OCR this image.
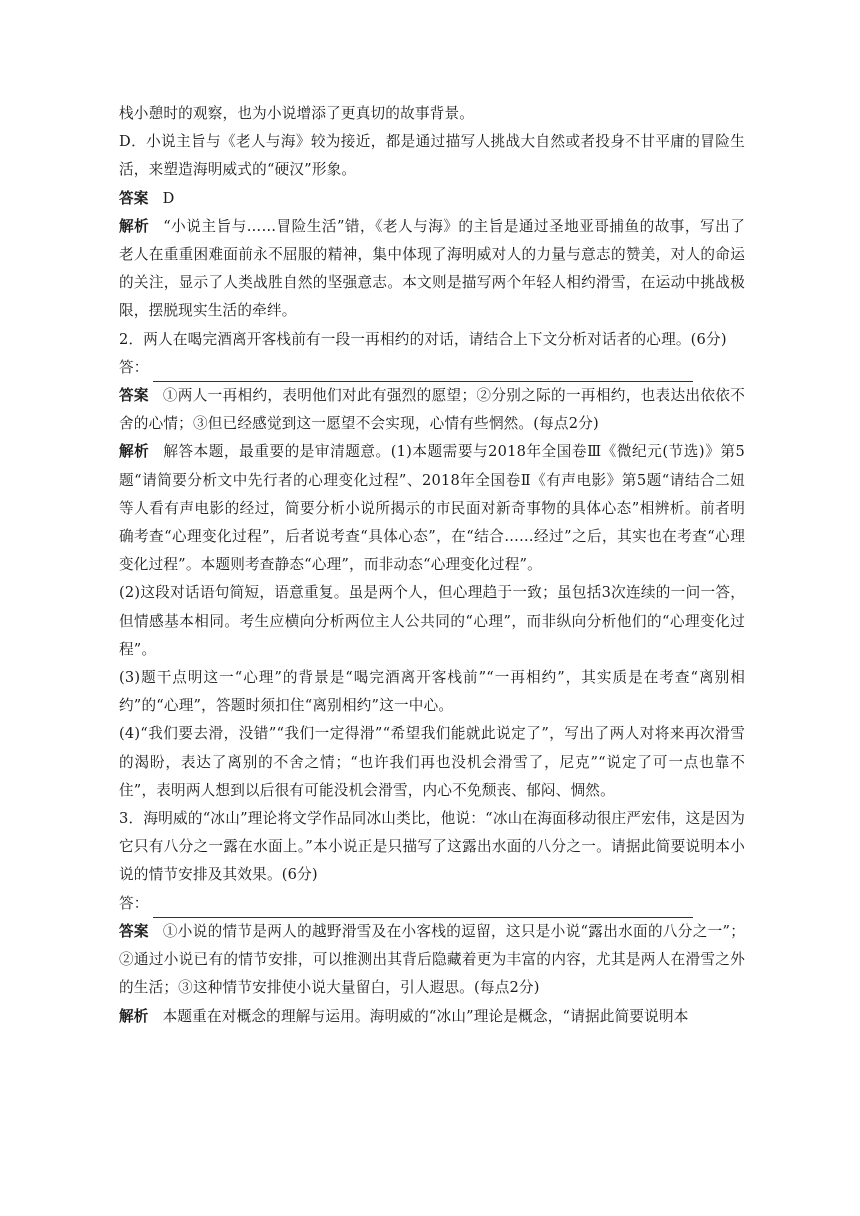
栈小憩时的观察，也为小说增添了更真切的故事背景。

D．小说主旨与《老人与海》较为接近，都是通过描写人挑战大自然或者投身不甘平庸的冒险生活，来塑造海明威式的“硬汉”形象。

答案 D

解析 “小说主旨与……冒险生活”错，《老人与海》的主旨是通过圣地亚哥捕鱼的故事，写出了老人在重重困难面前永不屈服的精神，集中体现了海明威对人的力量与意志的赞美，对人的命运的关注，显示了人类战胜自然的坚强意志。本文则是描写两个年轻人相约滑雪，在运动中挑战极限，摆脱现实生活的牵绊。

2．两人在喝完酒离开客栈前有一段一再相约的对话，请结合上下文分析对话者的心理。(6分)

答：

答案 ①两人一再相约，表明他们对此有强烈的愿望；②分别之际的一再相约，也表达出依依不舍的心情；③但已经感觉到这一愿望不会实现，心情有些惘然。(每点2分)

解析 解答本题，最重要的是审清题意。(1)本题需要与2018年全国卷Ⅲ《微纪元(节选)》第5题“请简要分析文中先行者的心理变化过程”、2018年全国卷Ⅱ《有声电影》第5题“请结合二妞等人看有声电影的经过，简要分析小说所揭示的市民面对新奇事物的具体心态”相辨析。前者明确考查“心理变化过程”，后者说考查“具体心态”，在“结合……经过”之后，其实也在考查“心理变化过程”。本题则考查静态“心理”，而非动态“心理变化过程”。

(2)这段对话语句简短，语意重复。虽是两个人，但心理趋于一致；虽包括3次连续的一问一答，但情感基本相同。考生应横向分析两位主人公共同的“心理”，而非纵向分析他们的“心理变化过程”。

(3)题干点明这一“心理”的背景是“喝完酒离开客栈前”“一再相约”，其实质是在考查“离别相约”的“心理”，答题时须扣住“离别相约”这一中心。

(4)“我们要去滑，没错”“我们一定得滑”“希望我们能就此说定了”，写出了两人对将来再次滑雪的渴盼，表达了离别的不舍之情；“也许我们再也没机会滑雪了，尼克”“说定了可一点也靠不住”，表明两人想到以后很有可能没机会滑雪，内心不免颓丧、郁闷、惆然。

3．海明威的“冰山”理论将文学作品同冰山类比，他说：“冰山在海面移动很庄严宏伟，这是因为它只有八分之一露在水面上。”本小说正是只描写了这露出水面的八分之一。请据此简要说明本小说的情节安排及其效果。(6分)

答：

答案 ①小说的情节是两人的越野滑雪及在小客栈的逗留，这只是小说“露出水面的八分之一”；②通过小说已有的情节安排，可以推测出其背后隐藏着更为丰富的内容，尤其是两人在滑雪之外的生活；③这种情节安排使小说大量留白，引人遐思。(每点2分)

解析 本题重在对概念的理解与运用。海明威的“冰山”理论是概念，“请据此简要说明本
